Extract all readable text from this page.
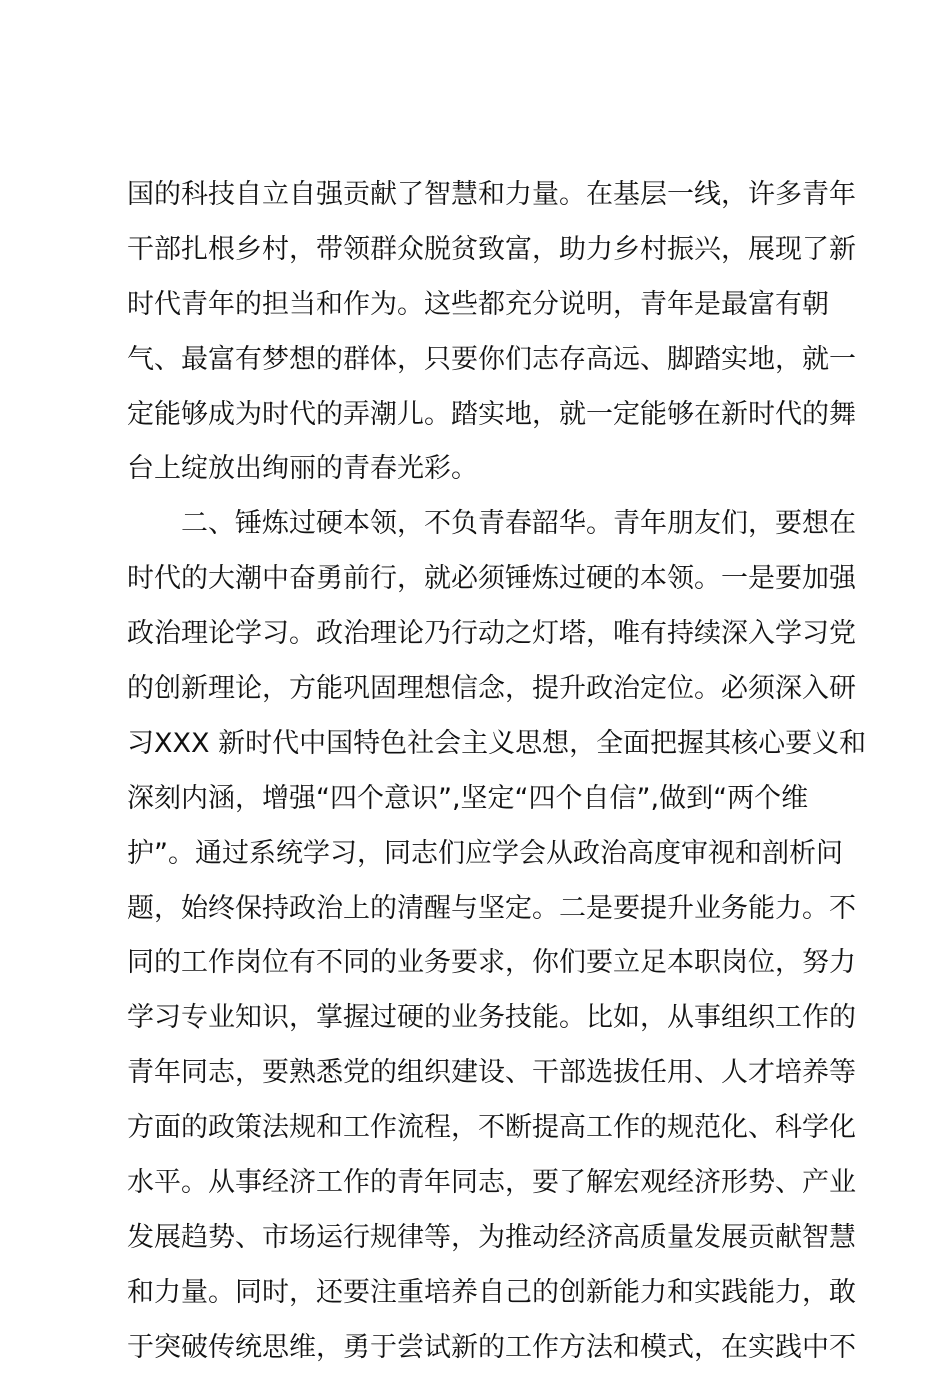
国的科技自立自强贡献了智慧和力量。在基层一线，许多青年
干部扎根乡村，带领群众脱贫致富，助力乡村振兴，展现了新
时代青年的担当和作为。这些都充分说明，青年是最富有朝
气、最富有梦想的群体，只要你们志存高远、脚踏实地，就一
定能够成为时代的弄潮儿。踏实地，就一定能够在新时代的舞
台上绽放出绚丽的青春光彩。
　　二、锤炼过硬本领，不负青春韶华。青年朋友们，要想在
时代的大潮中奋勇前行，就必须锤炼过硬的本领。一是要加强
政治理论学习。政治理论乃行动之灯塔，唯有持续深入学习党
的创新理论，方能巩固理想信念，提升政治定位。必须深入研
习XXX 新时代中国特色社会主义思想，全面把握其核心要义和
深刻内涵，增强“四个意识”,坚定“四个自信”,做到“两个维
护”。通过系统学习，同志们应学会从政治高度审视和剖析问
题，始终保持政治上的清醒与坚定。二是要提升业务能力。不
同的工作岗位有不同的业务要求，你们要立足本职岗位，努力
学习专业知识，掌握过硬的业务技能。比如，从事组织工作的
青年同志，要熟悉党的组织建设、干部选拔任用、人才培养等
方面的政策法规和工作流程，不断提高工作的规范化、科学化
水平。从事经济工作的青年同志，要了解宏观经济形势、产业
发展趋势、市场运行规律等，为推动经济高质量发展贡献智慧
和力量。同时，还要注重培养自己的创新能力和实践能力，敢
于突破传统思维，勇于尝试新的工作方法和模式，在实践中不
